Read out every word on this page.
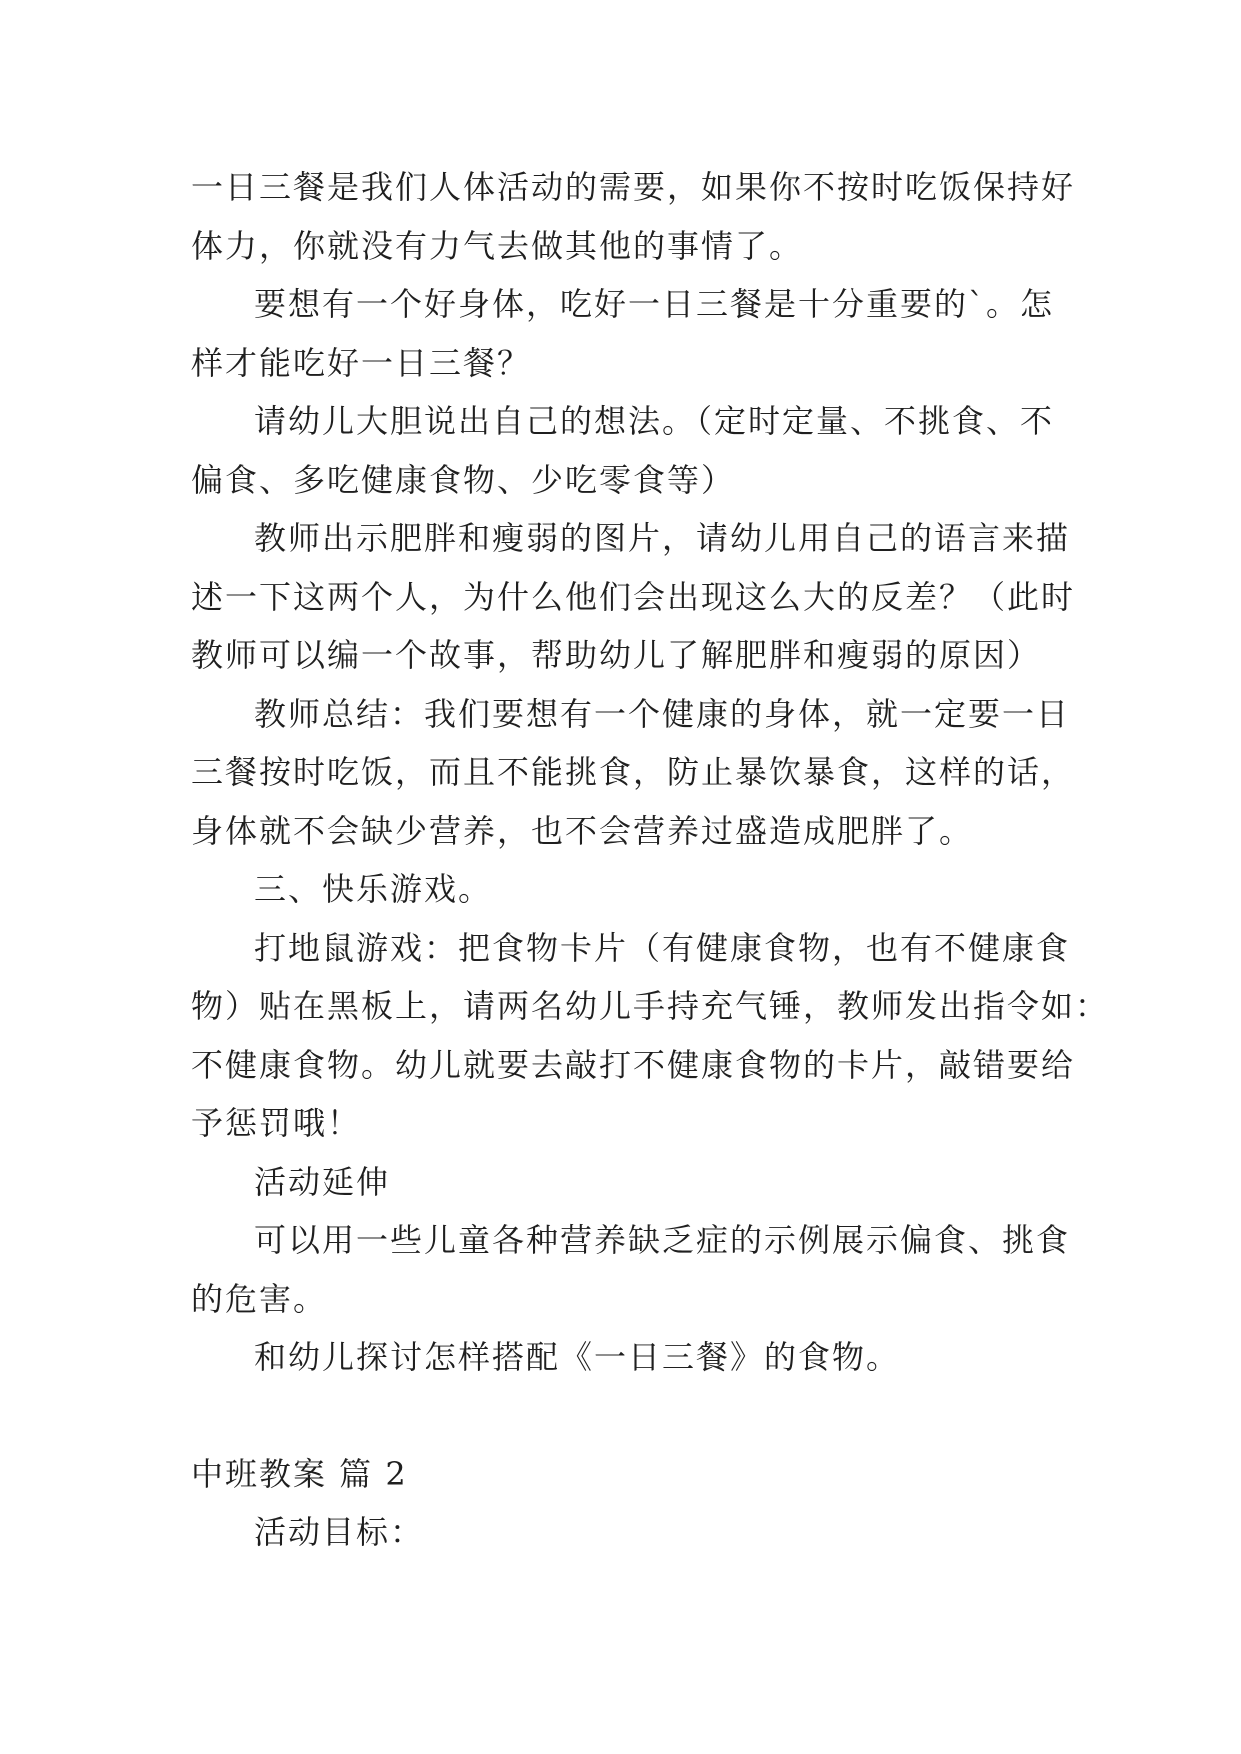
一日三餐是我们人体活动的需要，如果你不按时吃饭保持好
体力，你就没有力气去做其他的事情了。
要想有一个好身体，吃好一日三餐是十分重要的`。怎
样才能吃好一日三餐？
请幼儿大胆说出自己的想法。（定时定量、不挑食、不
偏食、多吃健康食物、少吃零食等）
教师出示肥胖和瘦弱的图片，请幼儿用自己的语言来描
述一下这两个人，为什么他们会出现这么大的反差？（此时
教师可以编一个故事，帮助幼儿了解肥胖和瘦弱的原因）
教师总结：我们要想有一个健康的身体，就一定要一日
三餐按时吃饭，而且不能挑食，防止暴饮暴食，这样的话，
身体就不会缺少营养，也不会营养过盛造成肥胖了。
三、快乐游戏。
打地鼠游戏：把食物卡片（有健康食物，也有不健康食
物）贴在黑板上，请两名幼儿手持充气锤，教师发出指令如：
不健康食物。幼儿就要去敲打不健康食物的卡片，敲错要给
予惩罚哦！
活动延伸
可以用一些儿童各种营养缺乏症的示例展示偏食、挑食
的危害。
和幼儿探讨怎样搭配《一日三餐》的食物。
中班教案 篇 2
活动目标：
